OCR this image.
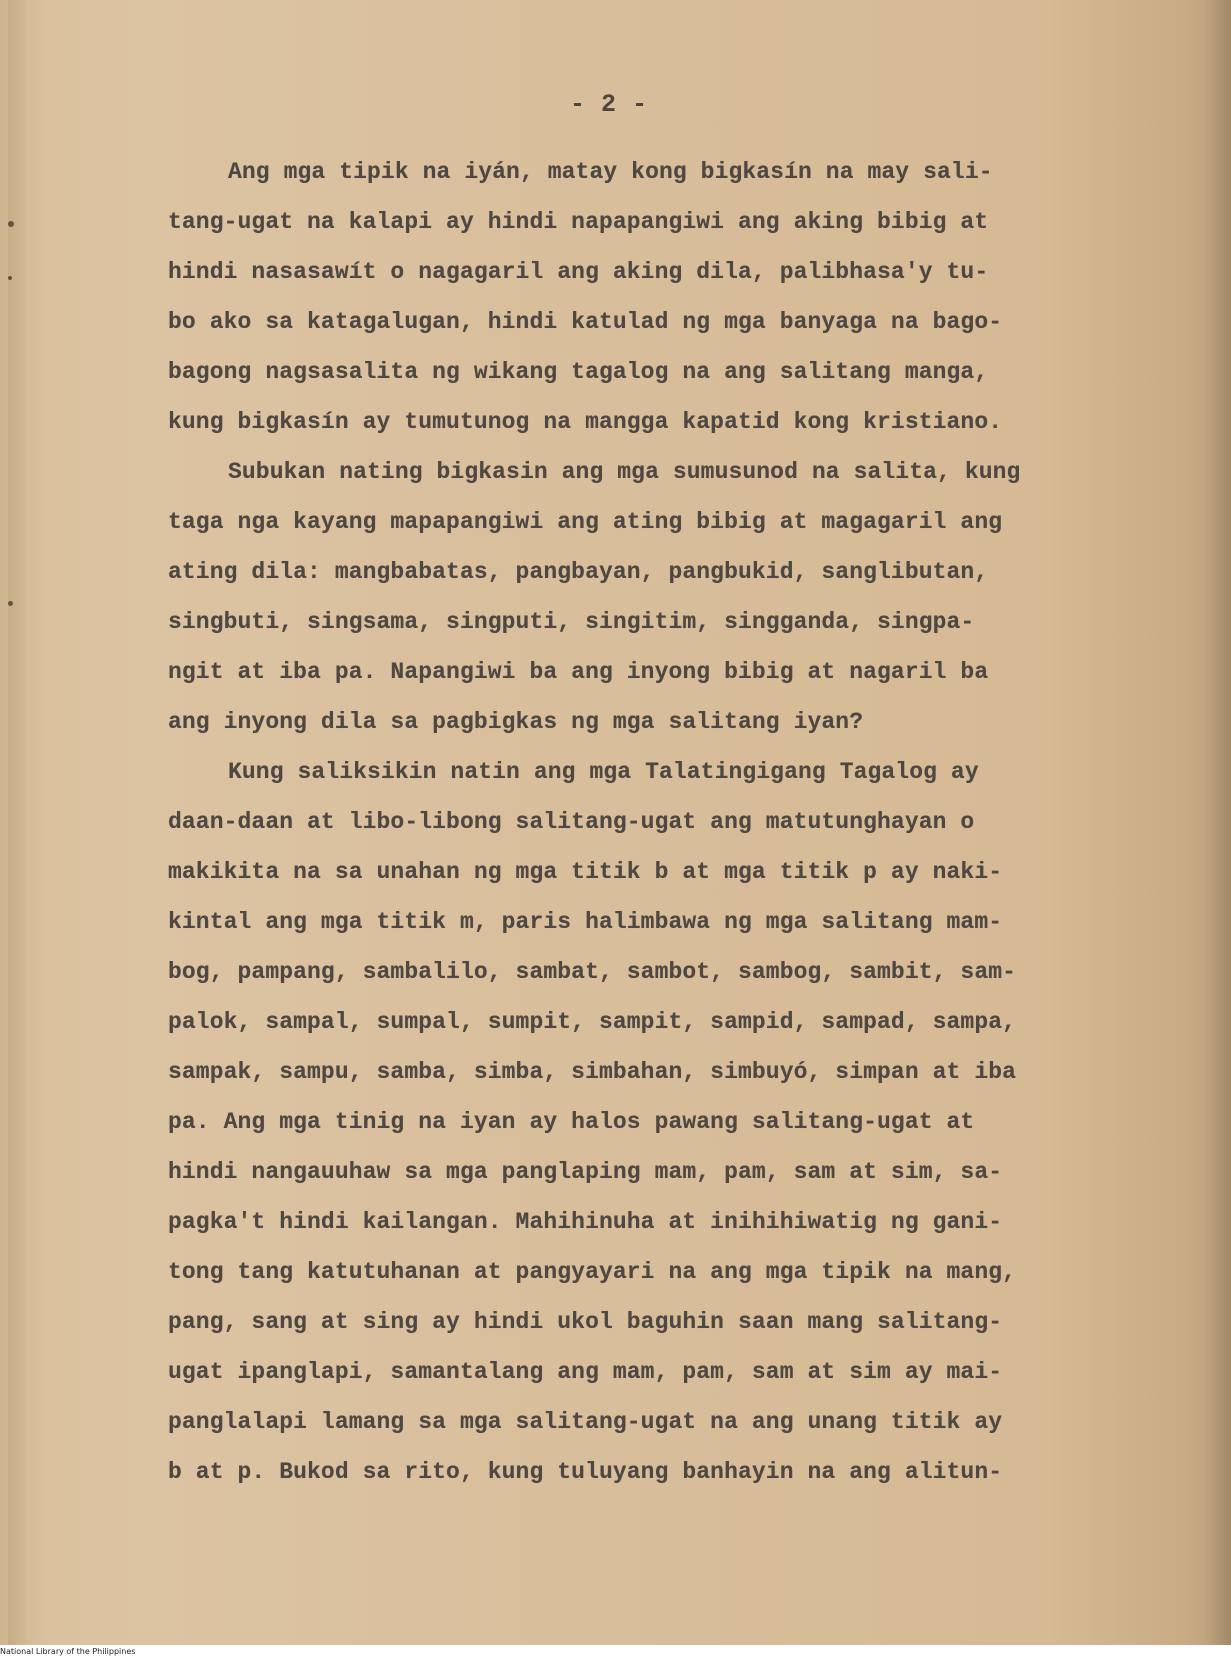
- 2 -
Ang mga tipik na iyán, matay kong bigkasín na may sali-
tang-ugat na kalapi ay hindi napapangiwi ang aking bibig at
hindi nasasawít o nagagaril ang aking dila, palibhasa'y tu-
bo ako sa katagalugan, hindi katulad ng mga banyaga na bago-
bagong nagsasalita ng wikang tagalog na ang salitang manga,
kung bigkasín ay tumutunog na mangga kapatid kong kristiano.
Subukan nating bigkasin ang mga sumusunod na salita, kung
taga nga kayang mapapangiwi ang ating bibig at magagaril ang
ating dila: mangbabatas, pangbayan, pangbukid, sanglibutan,
singbuti, singsama, singputi, singitim, singganda, singpa-
ngit at iba pa. Napangiwi ba ang inyong bibig at nagaril ba
ang inyong dila sa pagbigkas ng mga salitang iyan?
Kung saliksikin natin ang mga Talatingigang Tagalog ay
daan-daan at libo-libong salitang-ugat ang matutunghayan o
makikita na sa unahan ng mga titik b at mga titik p ay naki-
kintal ang mga titik m, paris halimbawa ng mga salitang mam-
bog, pampang, sambalilo, sambat, sambot, sambog, sambit, sam-
palok, sampal, sumpal, sumpit, sampit, sampid, sampad, sampa,
sampak, sampu, samba, simba, simbahan, simbuyó, simpan at iba
pa. Ang mga tinig na iyan ay halos pawang salitang-ugat at
hindi nangauuhaw sa mga panglaping mam, pam, sam at sim, sa-
pagka't hindi kailangan. Mahihinuha at inihihiwatig ng gani-
tong tang katutuhanan at pangyayari na ang mga tipik na mang,
pang, sang at sing ay hindi ukol baguhin saan mang salitang-
ugat ipanglapi, samantalang ang mam, pam, sam at sim ay mai-
panglalapi lamang sa mga salitang-ugat na ang unang titik ay
b at p. Bukod sa rito, kung tuluyang banhayin na ang alitun-
National Library of the Philippines
